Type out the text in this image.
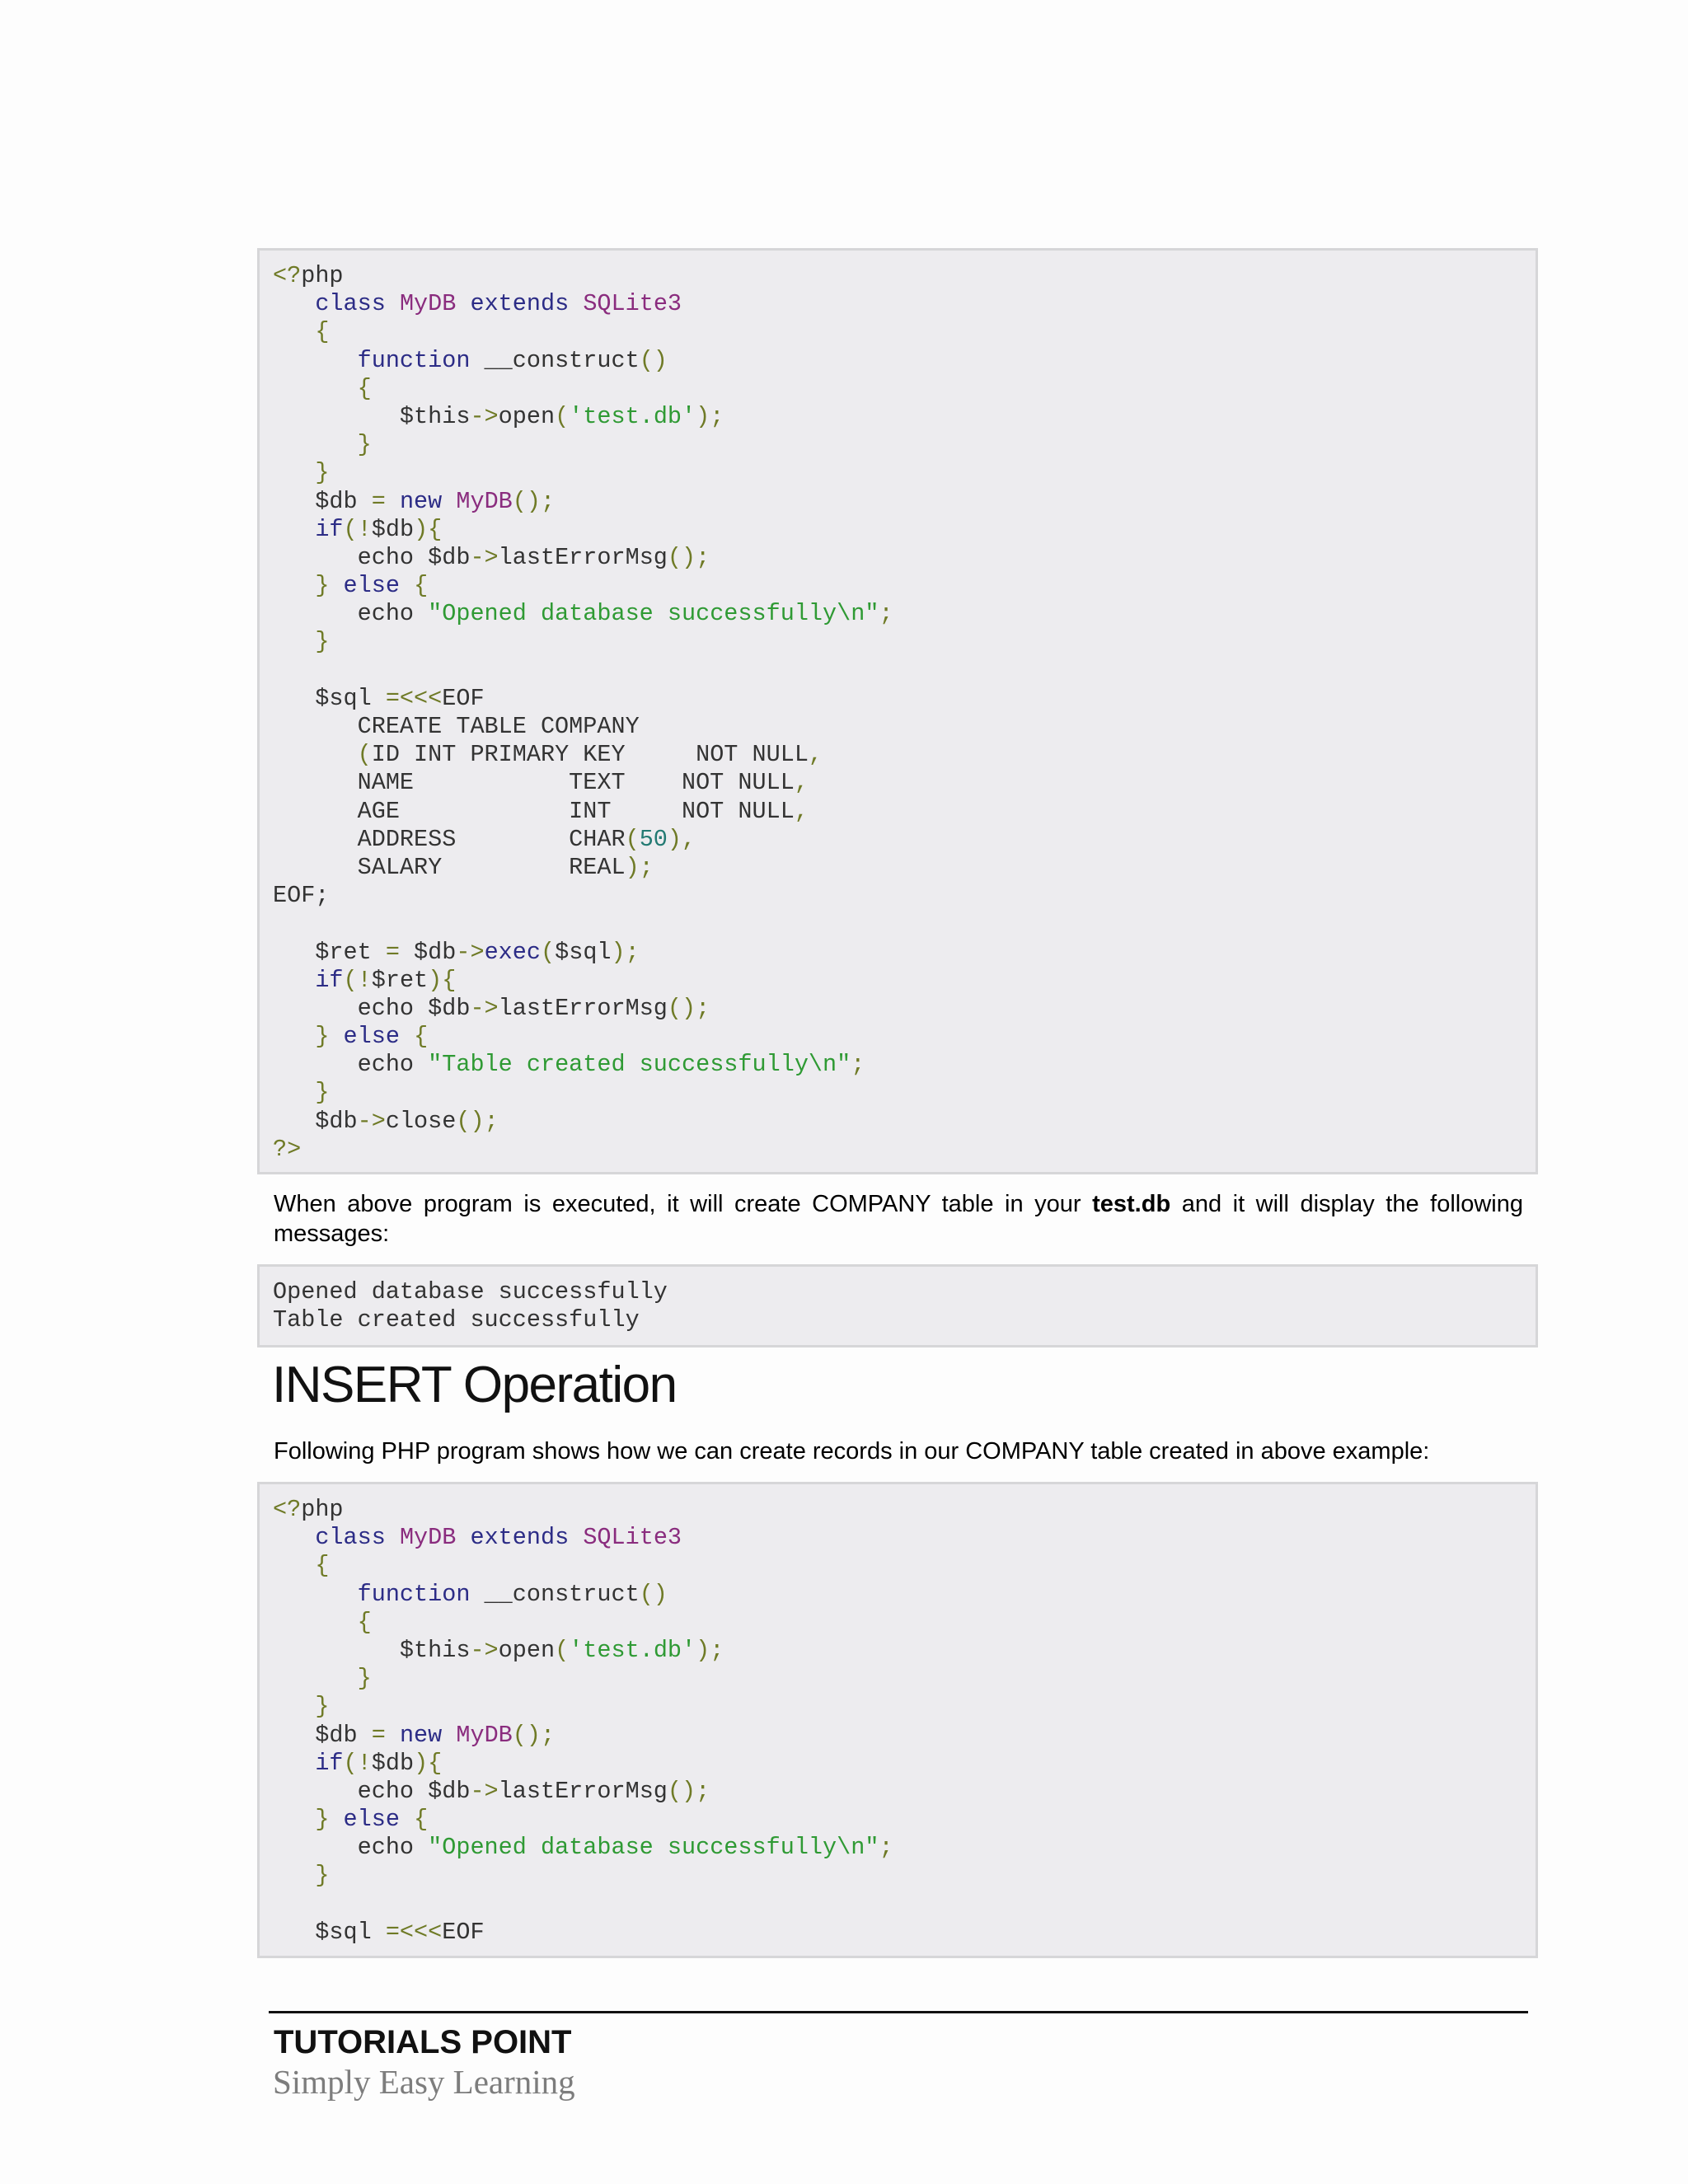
<?php
class MyDB extends SQLite3
{
function __construct()
{
$this->open('test.db');
}
}
$db = new MyDB();
if(!$db){
echo $db->lastErrorMsg();
} else {
echo "Opened database successfully\n";
}
$sql =<<<EOF
CREATE TABLE COMPANY
(ID INT PRIMARY KEY     NOT NULL,
NAME           TEXT    NOT NULL,
AGE            INT     NOT NULL,
ADDRESS        CHAR(50),
SALARY         REAL);
EOF;
$ret = $db->exec($sql);
if(!$ret){
echo $db->lastErrorMsg();
} else {
echo "Table created successfully\n";
}
$db->close();
?>
When above program is executed, it will create COMPANY table in your test.db and it will display the following messages:
Opened database successfully
Table created successfully
INSERT Operation
Following PHP program shows how we can create records in our COMPANY table created in above example:
<?php
class MyDB extends SQLite3
{
function __construct()
{
$this->open('test.db');
}
}
$db = new MyDB();
if(!$db){
echo $db->lastErrorMsg();
} else {
echo "Opened database successfully\n";
}
$sql =<<<EOF
TUTORIALS POINT
Simply Easy Learning
